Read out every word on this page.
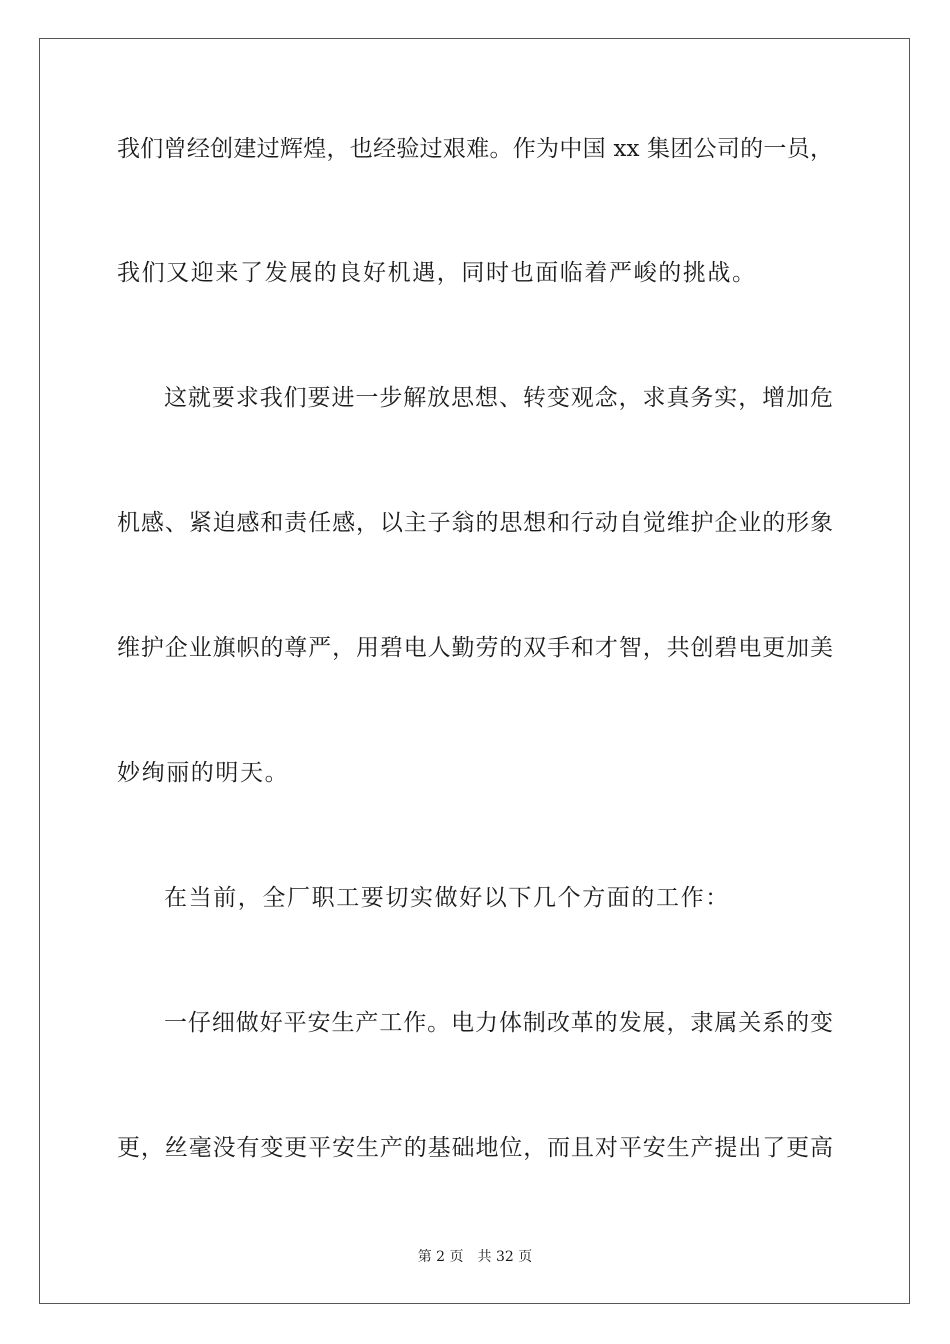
我们曾经创建过辉煌，也经验过艰难。作为中国 xx 集团公司的一员，
我们又迎来了发展的良好机遇，同时也面临着严峻的挑战。
这就要求我们要进一步解放思想、转变观念，求真务实，增加危
机感、紧迫感和责任感，以主子翁的思想和行动自觉维护企业的形象
维护企业旗帜的尊严，用碧电人勤劳的双手和才智，共创碧电更加美
妙绚丽的明天。
在当前，全厂职工要切实做好以下几个方面的工作：
一仔细做好平安生产工作。电力体制改革的发展，隶属关系的变
更，丝毫没有变更平安生产的基础地位，而且对平安生产提出了更高
第 2 页 共 32 页
